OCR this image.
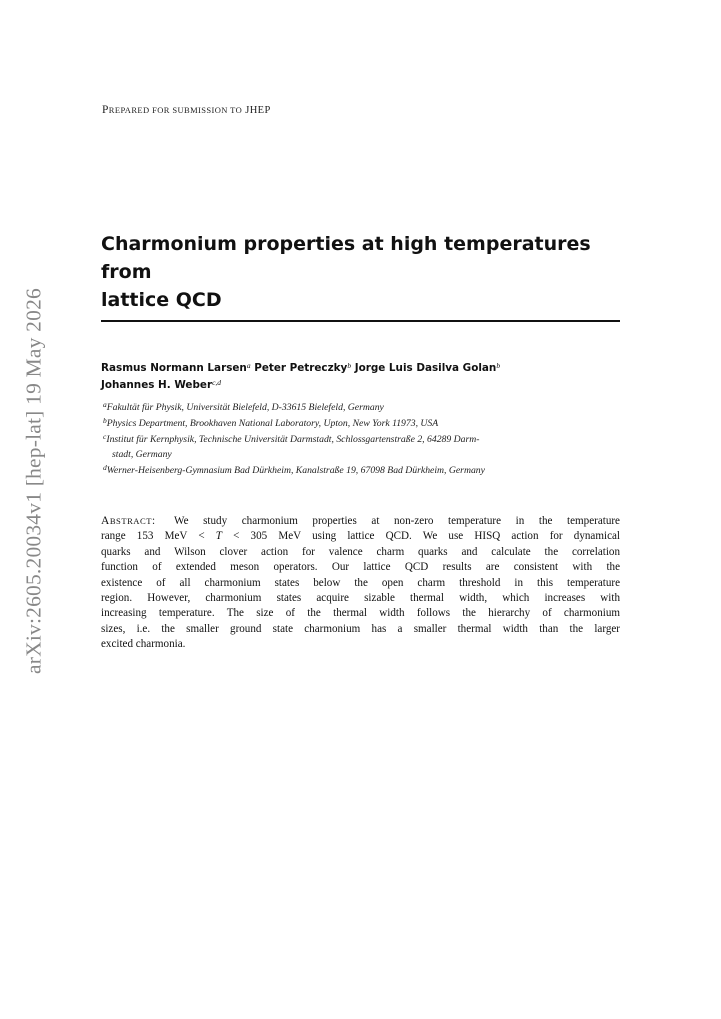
arXiv:2605.20034v1 [hep-lat] 19 May 2026
PREPARED FOR SUBMISSION TO JHEP
Charmonium properties at high temperatures from
lattice QCD
Rasmus Normann Larsen$^a$ Peter Petreczky$^b$ Jorge Luis Dasilva Golan$^b$
Johannes H. Weber$^{c,d}$
$^a$Fakultät für Physik, Universität Bielefeld, D-33615 Bielefeld, Germany
$^b$Physics Department, Brookhaven National Laboratory, Upton, New York 11973, USA
$^c$Institut für Kernphysik, Technische Universität Darmstadt, Schlossgartenstraße 2, 64289 Darm-
stadt, Germany
$^d$Werner-Heisenberg-Gymnasium Bad Dürkheim, Kanalstraße 19, 67098 Bad Dürkheim, Germany
ABSTRACT: We study charmonium properties at non-zero temperature in the temperature
range 153 MeV < T < 305 MeV using lattice QCD. We use HISQ action for dynamical
quarks and Wilson clover action for valence charm quarks and calculate the correlation
function of extended meson operators. Our lattice QCD results are consistent with the
existence of all charmonium states below the open charm threshold in this temperature
region. However, charmonium states acquire sizable thermal width, which increases with
increasing temperature. The size of the thermal width follows the hierarchy of charmonium
sizes, i.e. the smaller ground state charmonium has a smaller thermal width than the larger
excited charmonia.
